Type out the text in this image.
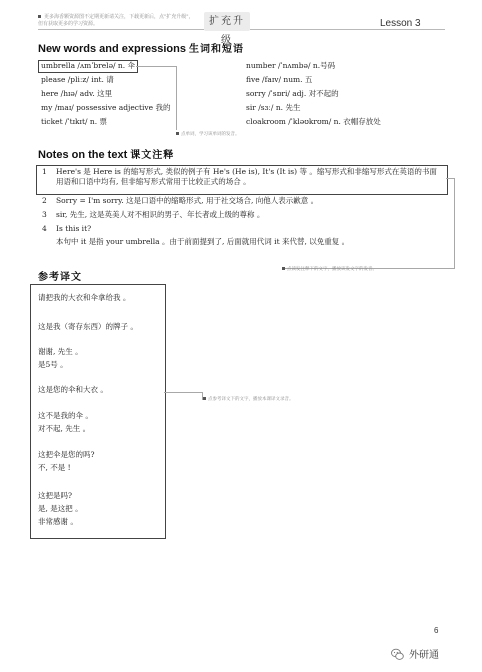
更多海香颗资源图不定期更新请关注，下载更新后，点"扩充升级"，但有获取更多的学习资源。	扩充升级
Lesson 3
New words and expressions 生词和短语
点单词，学习该单词的发音。
umbrella /ʌmˈbrelə/ n. 伞
please /pliːz/ int. 请
here /hɪə/ adv. 这里
my /maɪ/ possessive adjective 我的
ticket /ˈtɪkɪt/ n. 票
number /ˈnʌmbə/ n.号码
five /faɪv/ num. 五
sorry /ˈsɒri/ adj. 对不起的
sir /sɜː/ n. 先生
cloakroom /ˈkləʊkrʊm/ n. 衣帽存放处
Notes on the text 课文注释
1	Here's 是 Here is 的缩写形式, 类似的例子有 He's (He is), It's (It is) 等 。缩写形式和非缩写形式在英语的书面用语和口语中均有, 但非缩写形式常用于比较正式的场合 。
2	Sorry = I'm sorry. 这是口语中的缩略形式, 用于社交场合, 向他人表示歉意 。
3	sir, 先生, 这是英美人对不相识的男子、年长者或上级的尊称 。
4	Is this it?
本句中 it 是指 your umbrella 。由于前面提到了, 后面就用代词 it 来代替, 以免重复 。
点读发注释下的文字，播放该发文字的发音。
参考译文
请把我的大衣和伞拿给我 。
这是我（寄存东西）的牌子 。
谢谢, 先生 。
是5号 。
这是您的伞和大衣 。
这不是我的伞 。
对不起, 先生 。
这把伞是您的吗?
不, 不是 !
这把是吗?
是, 是这把 。
非常感谢 。
点参考译文下的文字，播放本课译文录音。
6
外研通
